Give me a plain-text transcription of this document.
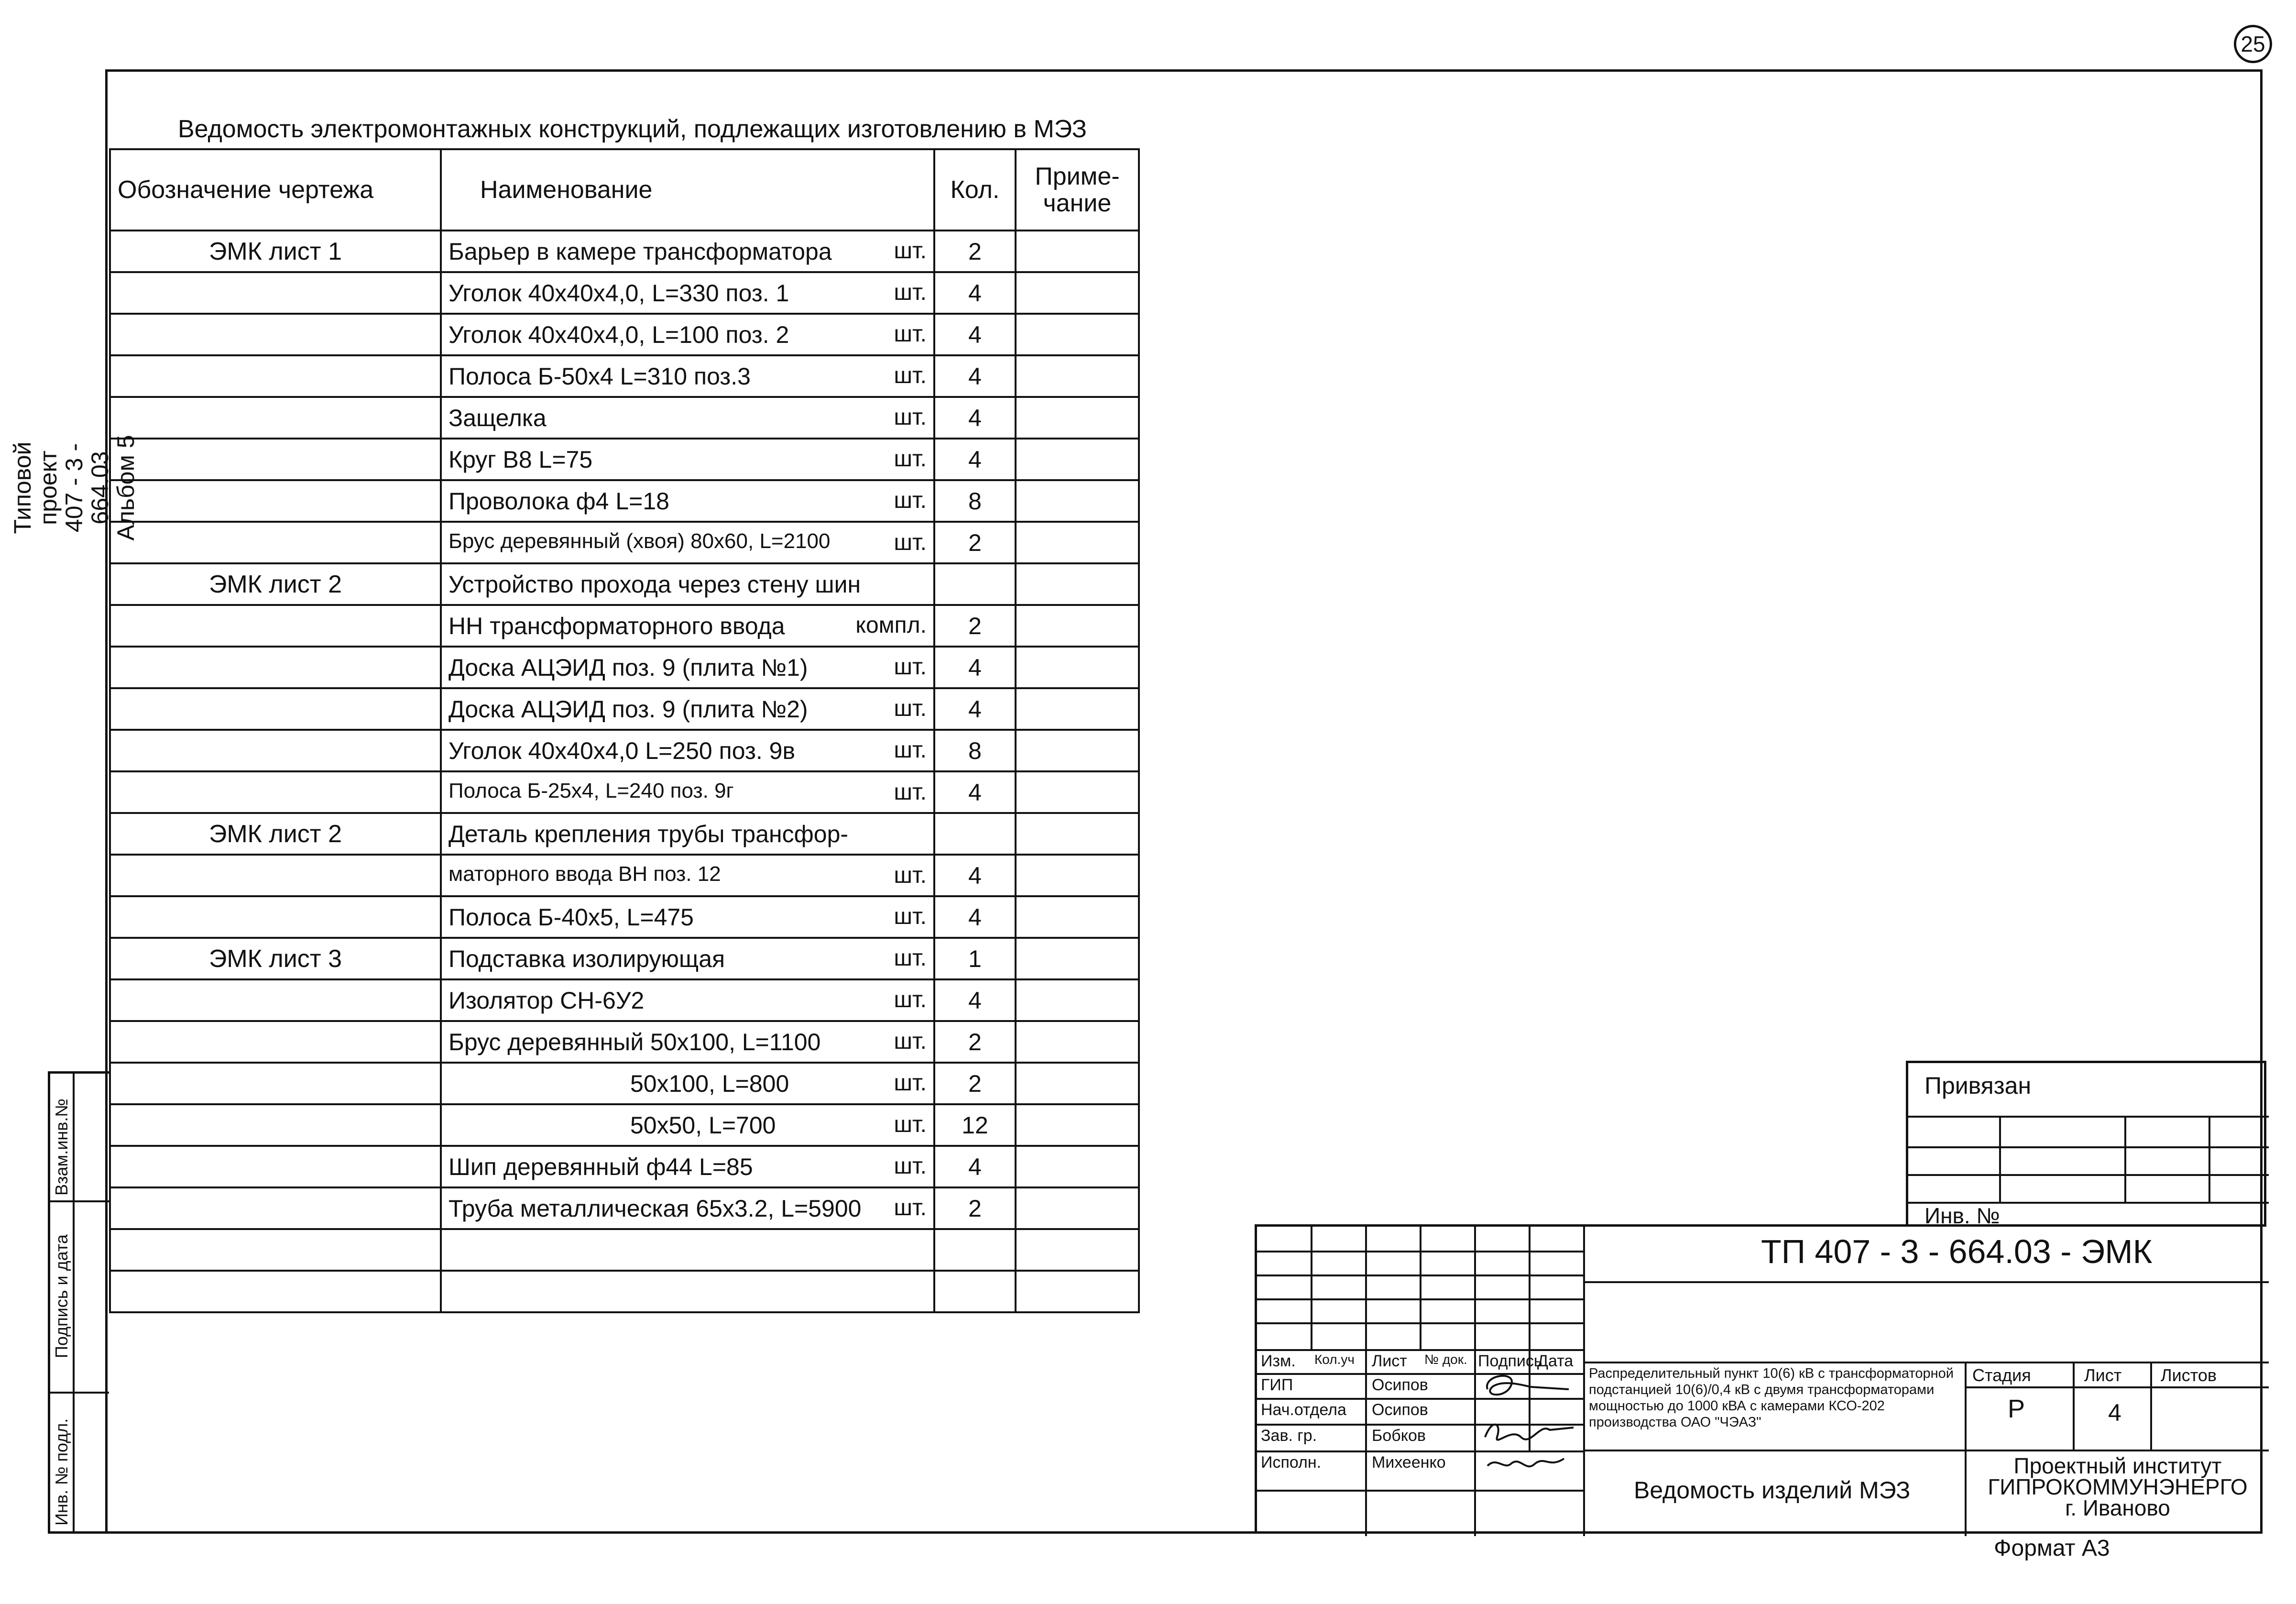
25
Ведомость электромонтажных конструкций, подлежащих изготовлению в МЭЗ
Типовой проект
407 - 3 - 664.03
Альбом 5
Обозначение чертежа	Наименование	Кол.	Приме-
чание
ЭМК лист 1	Барьер в камере трансформатора шт.	2	
	Уголок 40х40х4,0, L=330 поз. 1 шт.	4	
	Уголок 40х40х4,0, L=100 поз. 2 шт.	4	
	Полоса Б-50х4 L=310 поз.3 шт.	4	
	Защелка шт.	4	
	Круг В8 L=75 шт.	4	
	Проволока ф4 L=18 шт.	8	
	Брус деревянный (хвоя) 80х60, L=2100 шт.	2	
ЭМК лист 2	Устройство прохода через стену шин

	НН трансформаторного ввода компл.	2	
	Доска АЦЭИД поз. 9 (плита №1) шт.	4	
	Доска АЦЭИД поз. 9 (плита №2) шт.	4	
	Уголок 40х40х4,0 L=250 поз. 9в шт.	8	
	Полоса Б-25х4, L=240 поз. 9г шт.	4	
ЭМК лист 2	Деталь крепления трубы трансфор-

	маторного ввода ВН поз. 12 шт.	4	
	Полоса Б-40х5, L=475 шт.	4	
ЭМК лист 3	Подставка изолирующая шт.	1	
	Изолятор СН-6У2 шт.	4	
	Брус деревянный 50х100, L=1100 шт.	2	
	50х100, L=800 шт.	2	
	50х50, L=700 шт.	12	
	Шип деревянный ф44 L=85 шт.	4	
	Труба металлическая 65х3.2, L=5900 шт.	2	

Взам.инв.№
Подпись и дата
Инв. № подл.
Привязан
Инв. №
ТП 407 - 3 - 664.03 - ЭМК
Изм. Кол.уч Лист № док. Подпись
Дата
ГИП	Осипов
Нач.отдела Осипов
Зав. гр.	Бобков
Исполн.	Михеенко
Распределительный пункт 10(6) кВ с трансформаторной подстанцией 10(6)/0,4 кВ с двумя трансформаторами мощностью до 1000 кВА с камерами КСО-202 производства ОАО "ЧЭАЗ"
Стадия	Лист Листов
Р	4
Ведомость изделий МЭЗ
Проектный институт
ГИПРОКОММУНЭНЕРГО
г. Иваново
Формат А3
